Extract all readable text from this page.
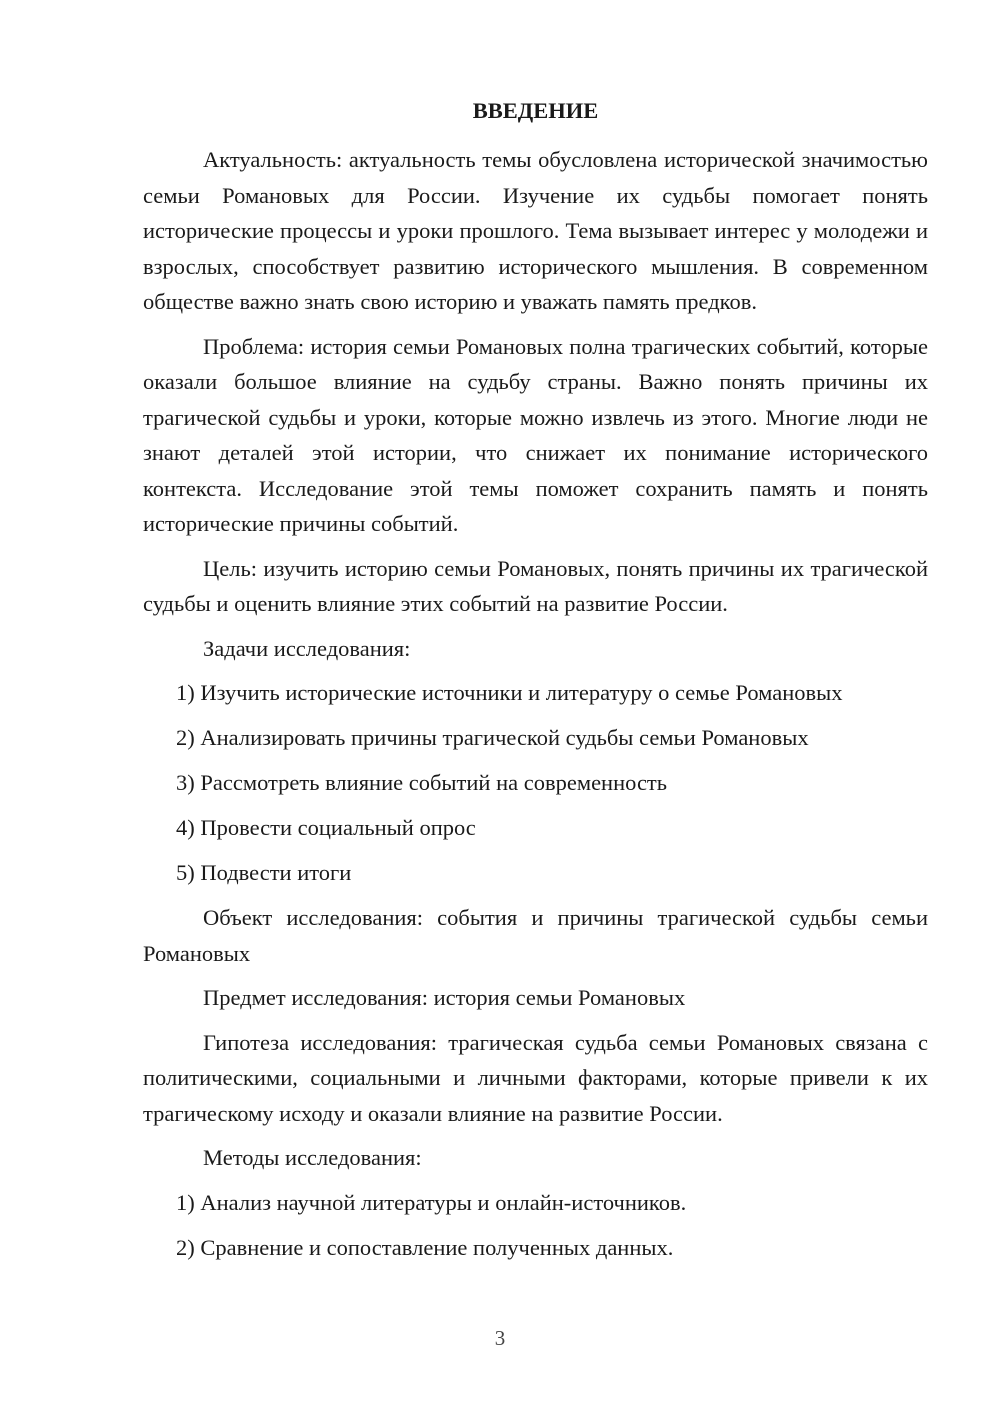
ВВЕДЕНИЕ

Актуальность: актуальность темы обусловлена исторической значимостью семьи Романовых для России. Изучение их судьбы помогает понять исторические процессы и уроки прошлого. Тема вызывает интерес у молодежи и взрослых, способствует развитию исторического мышления. В современном обществе важно знать свою историю и уважать память предков.

Проблема: история семьи Романовых полна трагических событий, которые оказали большое влияние на судьбу страны. Важно понять причины их трагической судьбы и уроки, которые можно извлечь из этого. Многие люди не знают деталей этой истории, что снижает их понимание исторического контекста. Исследование этой темы поможет сохранить память и понять исторические причины событий.

Цель: изучить историю семьи Романовых, понять причины их трагической судьбы и оценить влияние этих событий на развитие России.

Задачи исследования:

1) Изучить исторические источники и литературу о семье Романовых
2) Анализировать причины трагической судьбы семьи Романовых
3) Рассмотреть влияние событий на современность
4) Провести социальный опрос
5) Подвести итоги

Объект исследования: события и причины трагической судьбы семьи Романовых

Предмет исследования: история семьи Романовых

Гипотеза исследования: трагическая судьба семьи Романовых связана с политическими, социальными и личными факторами, которые привели к их трагическому исходу и оказали влияние на развитие России.

Методы исследования:

1) Анализ научной литературы и онлайн-источников.
2) Сравнение и сопоставление полученных данных.
3
